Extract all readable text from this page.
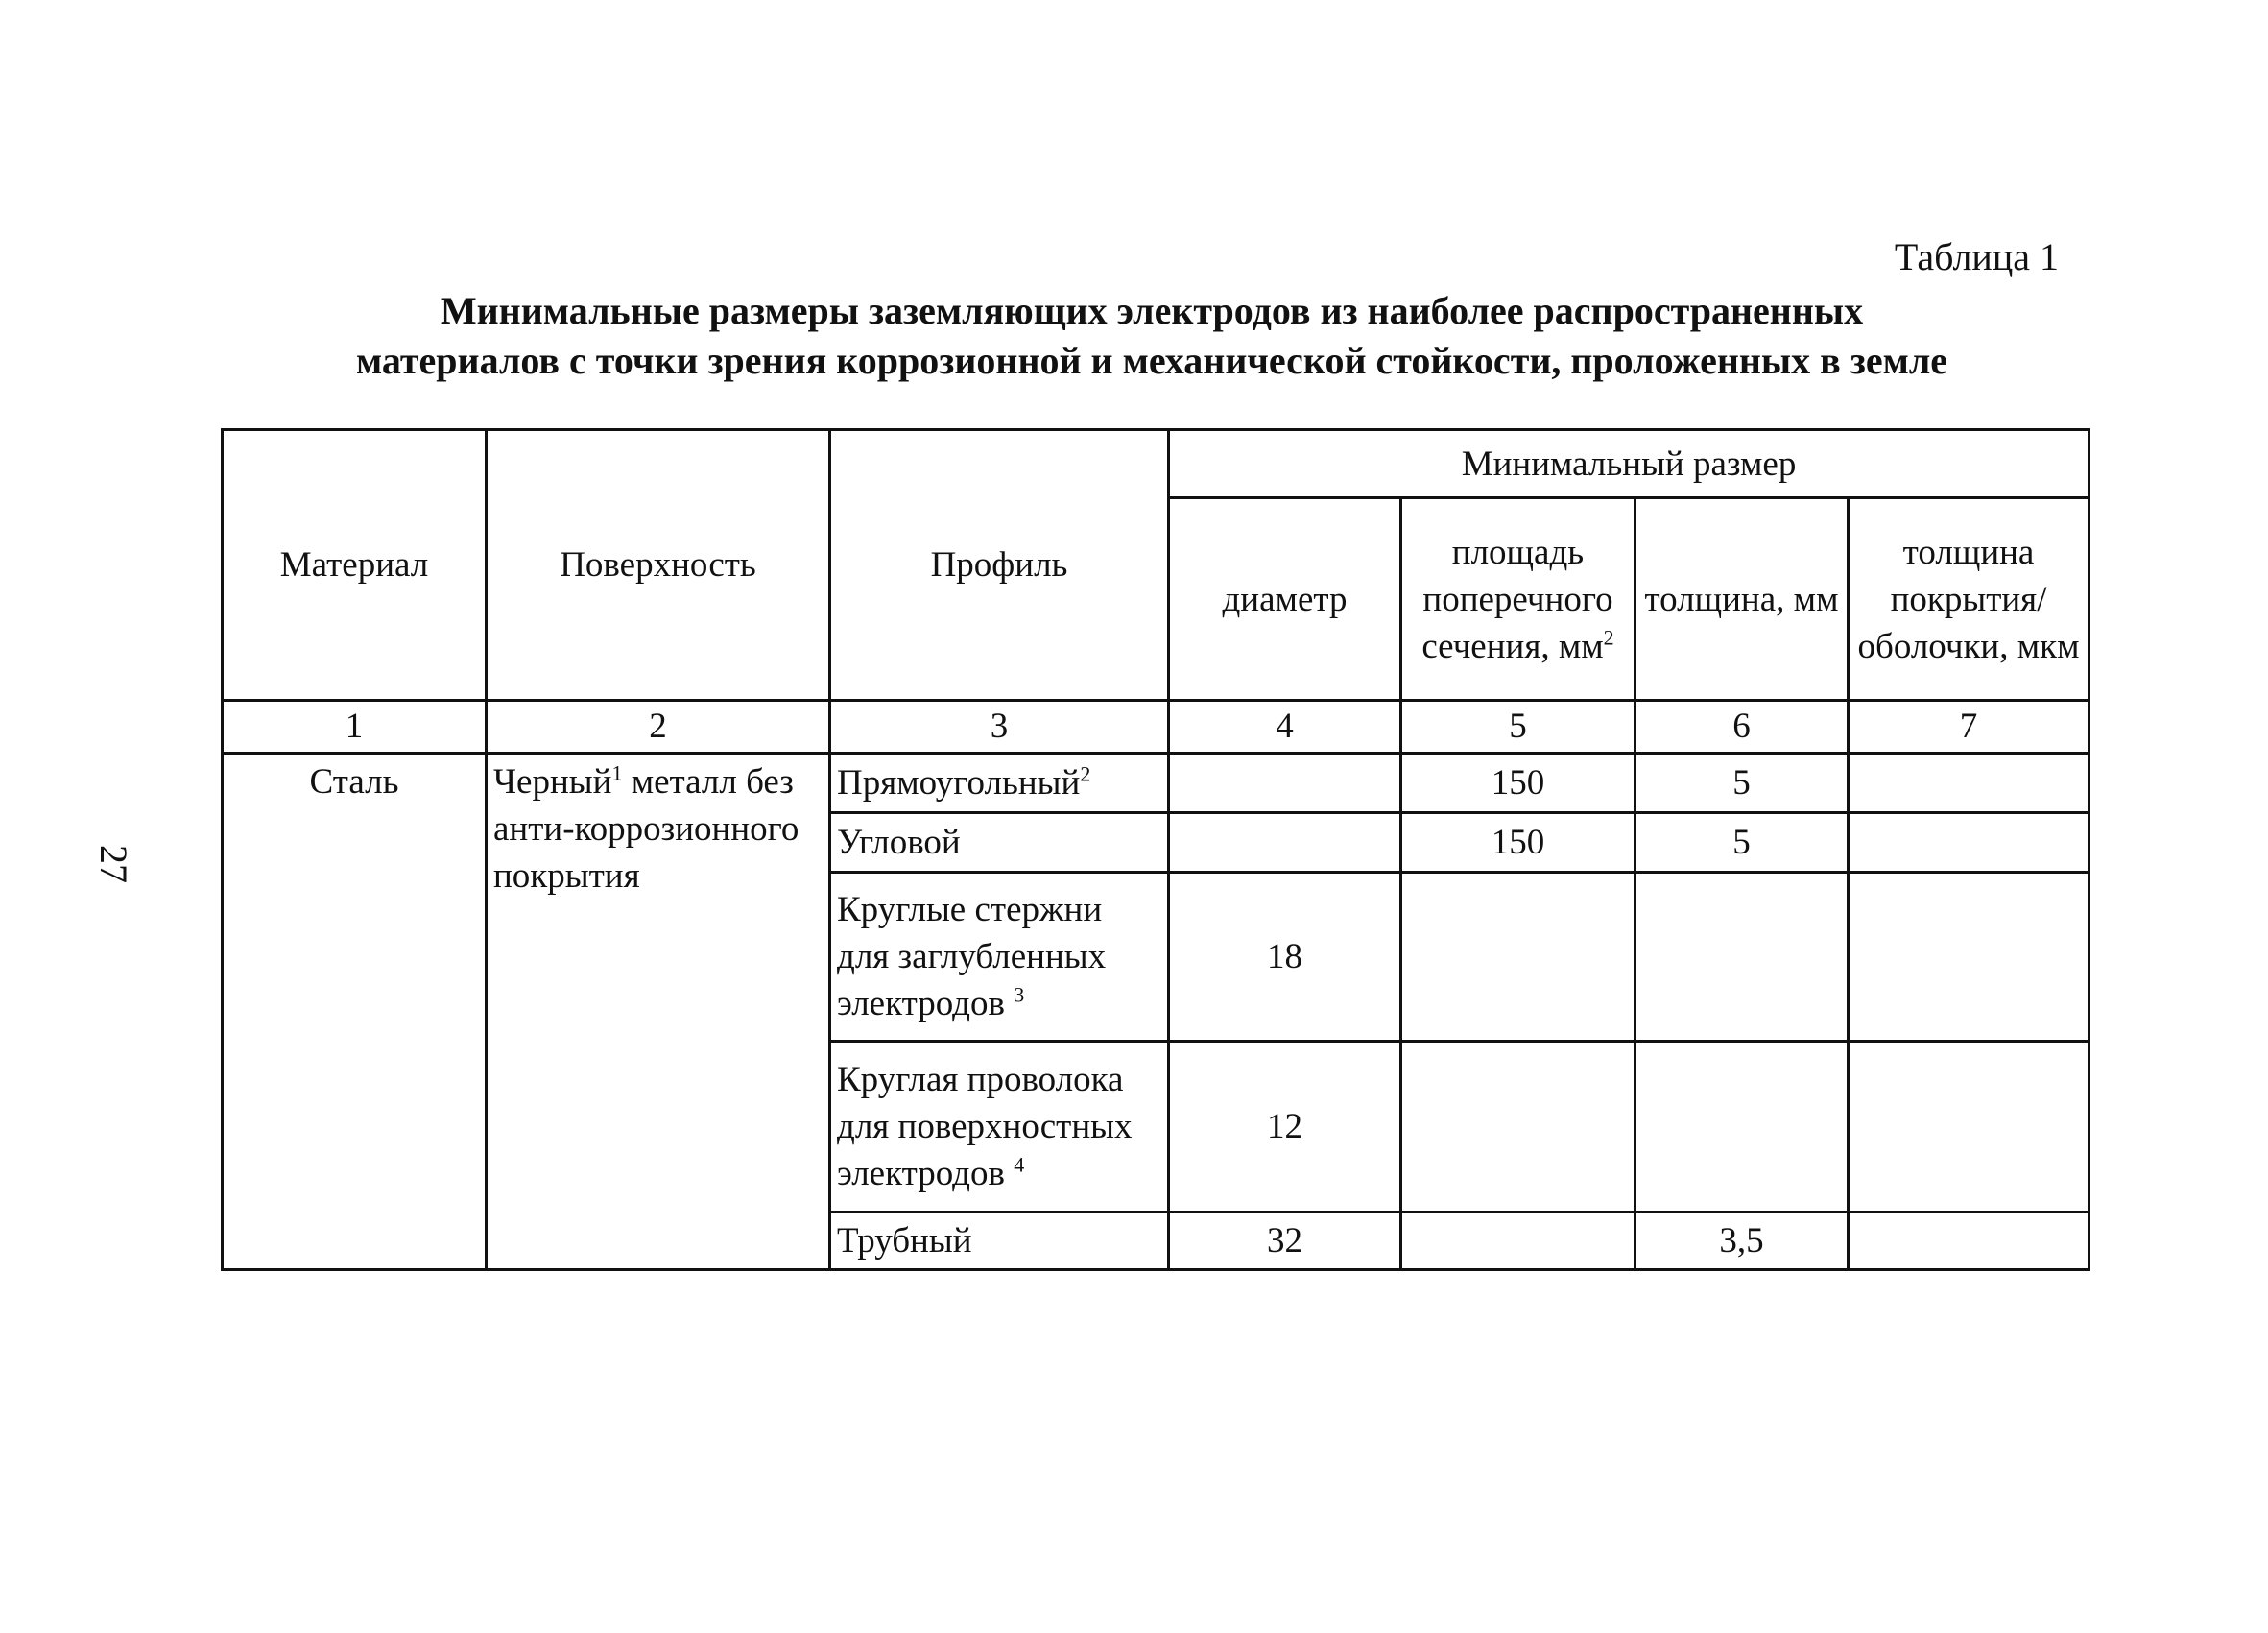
27
Таблица 1
Минимальные размеры заземляющих электродов из наиболее распространенных
материалов с точки зрения коррозионной и механической стойкости, проложенных в земле
Материал	Поверхность	Профиль	Минимальный размер			
			диаметр	площадь поперечного сечения, $мм^2$	толщина, мм	толщина покрытия/ оболочки, мкм
1	2	3	4	5	6	7
Сталь	Черный$^1$ металл без анти-коррозионного покрытия	Прямоугольный$^2$		150	5	
		Угловой		150	5	
		Круглые стержни для заглубленных электродов $^3$	18			
		Круглая проволока для поверхностных электродов $^4$	12			
		Трубный	32		3,5	
